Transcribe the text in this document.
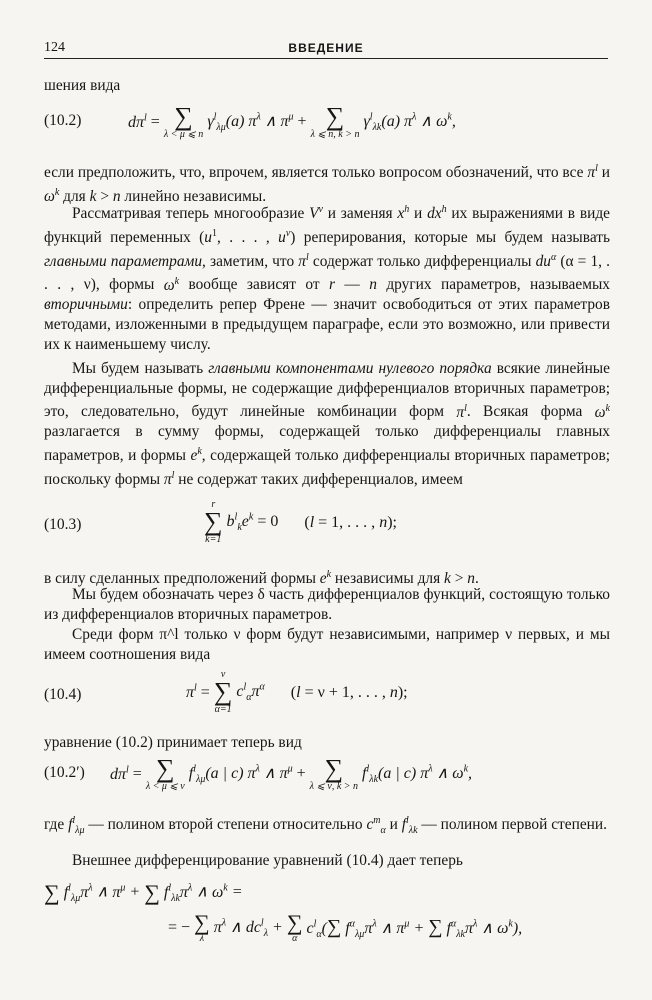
124	ВВЕДЕНИЕ

шения вида

(10.2)	$d\pi^l$ = ∑
λ < μ ⩽ n
$\gamma^l_{\lambda\mu}(a)$ $\pi^\lambda$ ∧ $\pi^\mu$ + ∑
λ ⩽ n, k > n
$\gamma^l_{\lambda k}(a)$ $\pi^\lambda$ ∧ $\omega^k$,

если предположить, что, впрочем, является только вопросом обозначений, что все $\pi^l$ и $\omega^k$ для k > n линейно независимы.

Рассматривая теперь многообразие $V^\nu$ и заменяя $x^h$ и $dx^h$ их выражениями в виде функций переменных ($u^1$, . . . , $u^\nu$) реперирования, которые мы будем называть главными параметрами, заметим, что $\pi^l$ содержат только дифференциалы $du^\alpha$ (α = 1, . . . , ν), формы $\omega^k$ вообще зависят от r — n других параметров, называемых вторичными: определить репер Френе — значит освободиться от этих параметров методами, изложенными в предыдущем параграфе, если это возможно, или привести их к наименьшему числу.

Мы будем называть главными компонентами нулевого порядка всякие линейные дифференциальные формы, не содержащие дифференциалов вторичных параметров; это, следовательно, будут линейные комбинации форм $\pi^l$. Всякая форма $\omega^k$ разлагается в сумму формы, содержащей только дифференциалы главных параметров, и формы $e^k$, содержащей только дифференциалы вторичных параметров; поскольку формы $\pi^l$ не содержат таких дифференциалов, имеем

(10.3)
r
∑
k=1
$b^l_ke^k = 0$ (l = 1, . . . , n);

в силу сделанных предположений формы $e^k$ независимы для k > n.

Мы будем обозначать через δ часть дифференциалов функций, состоящую только из дифференциалов вторичных параметров.

Среди форм π^l только ν форм будут независимыми, например ν первых, и мы имеем соотношения вида

(10.4)	$\pi^l$ =
ν
∑
α=1
$c^l_\alpha\pi^\alpha$ (l = ν + 1, . . . , n);

уравнение (10.2) принимает теперь вид

(10.2′) $d\pi^l$ = ∑
λ < μ ⩽ ν
$f^l_{\lambda\mu}(a$ | c) $\pi^\lambda$ ∧ $\pi^\mu$ + ∑
λ ⩽ ν, k > n
$f^l_{\lambda k}(a$ | c) $\pi^\lambda$ ∧ $\omega^k$,

где $f^l_{\lambda\mu}$ — полином второй степени относительно $c^m_\alpha$ и $f^l_{\lambda k}$ — полином первой степени.

Внешнее дифференцирование уравнений (10.4) дает теперь

∑ $f^l_{\lambda\mu}\pi^\lambda$ ∧ $\pi^\mu$ + ∑ $f^l_{\lambda k}\pi^\lambda$ ∧ $\omega^k$ =
= − ∑
λ
$\pi^\lambda$ ∧ $dc^l_\lambda$ + ∑
α
$c^l_\alpha(\sum$ $f^\alpha_{\lambda\mu}\pi^\lambda$ ∧ $\pi^\mu$ + ∑ $f^\alpha_{\lambda k}\pi^\lambda$ ∧ $\omega^k$),
